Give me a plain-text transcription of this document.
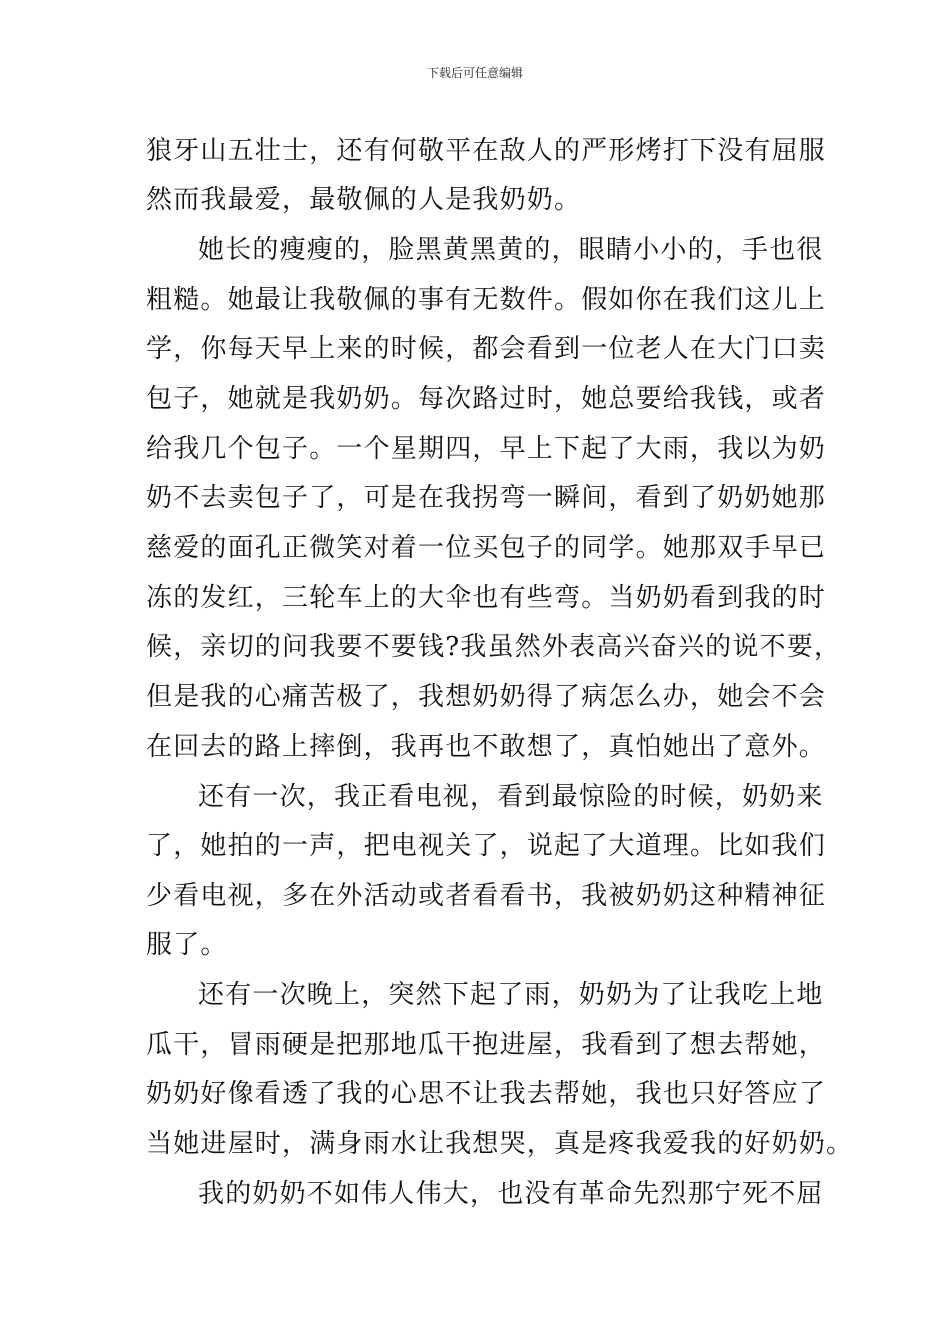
下载后可任意编辑
狼牙山五壮士，还有何敬平在敌人的严形烤打下没有屈服
然而我最爱，最敬佩的人是我奶奶。
她长的瘦瘦的，脸黑黄黑黄的，眼睛小小的，手也很
粗糙。她最让我敬佩的事有无数件。假如你在我们这儿上
学，你每天早上来的时候，都会看到一位老人在大门口卖
包子，她就是我奶奶。每次路过时，她总要给我钱，或者
给我几个包子。一个星期四，早上下起了大雨，我以为奶
奶不去卖包子了，可是在我拐弯一瞬间，看到了奶奶她那
慈爱的面孔正微笑对着一位买包子的同学。她那双手早已
冻的发红，三轮车上的大伞也有些弯。当奶奶看到我的时
候，亲切的问我要不要钱?我虽然外表高兴奋兴的说不要，
但是我的心痛苦极了，我想奶奶得了病怎么办，她会不会
在回去的路上摔倒，我再也不敢想了，真怕她出了意外。
还有一次，我正看电视，看到最惊险的时候，奶奶来
了，她拍的一声，把电视关了，说起了大道理。比如我们
少看电视，多在外活动或者看看书，我被奶奶这种精神征
服了。
还有一次晚上，突然下起了雨，奶奶为了让我吃上地
瓜干，冒雨硬是把那地瓜干抱进屋，我看到了想去帮她，
奶奶好像看透了我的心思不让我去帮她，我也只好答应了
当她进屋时，满身雨水让我想哭，真是疼我爱我的好奶奶。
我的奶奶不如伟人伟大，也没有革命先烈那宁死不屈
